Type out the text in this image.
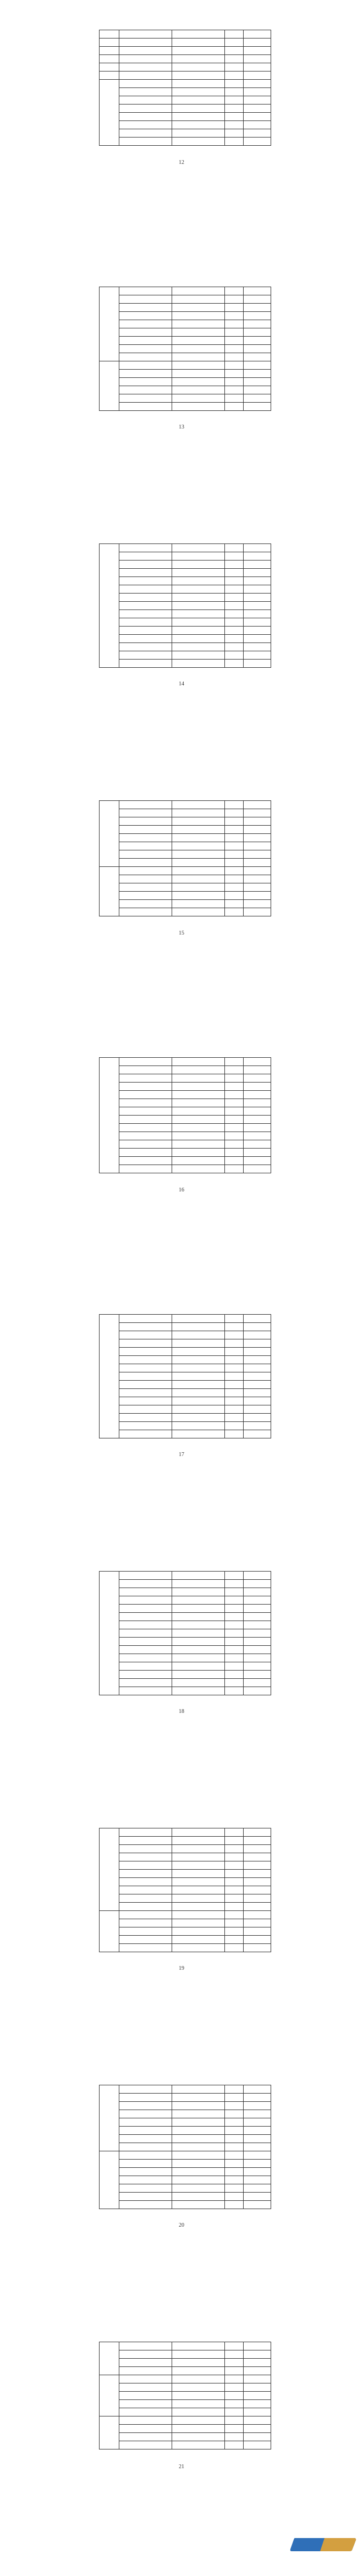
12

13

14

15

16

17

18

19

20

21
